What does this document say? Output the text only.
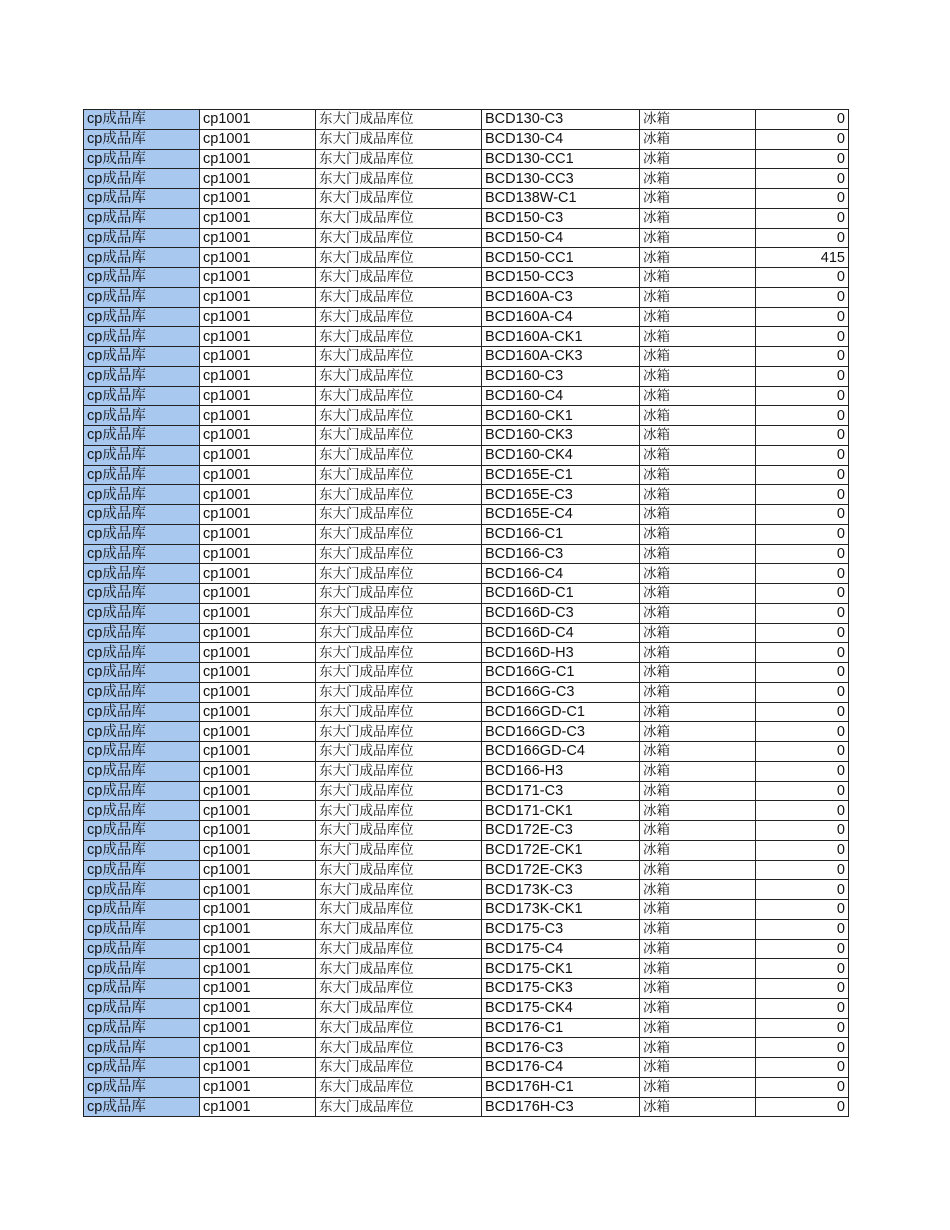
cp成品库	cp1001	东大门成品库位	BCD130-C3	冰箱	0
cp成品库	cp1001	东大门成品库位	BCD130-C4	冰箱	0
cp成品库	cp1001	东大门成品库位	BCD130-CC1	冰箱	0
cp成品库	cp1001	东大门成品库位	BCD130-CC3	冰箱	0
cp成品库	cp1001	东大门成品库位	BCD138W-C1	冰箱	0
cp成品库	cp1001	东大门成品库位	BCD150-C3	冰箱	0
cp成品库	cp1001	东大门成品库位	BCD150-C4	冰箱	0
cp成品库	cp1001	东大门成品库位	BCD150-CC1	冰箱	415
cp成品库	cp1001	东大门成品库位	BCD150-CC3	冰箱	0
cp成品库	cp1001	东大门成品库位	BCD160A-C3	冰箱	0
cp成品库	cp1001	东大门成品库位	BCD160A-C4	冰箱	0
cp成品库	cp1001	东大门成品库位	BCD160A-CK1	冰箱	0
cp成品库	cp1001	东大门成品库位	BCD160A-CK3	冰箱	0
cp成品库	cp1001	东大门成品库位	BCD160-C3	冰箱	0
cp成品库	cp1001	东大门成品库位	BCD160-C4	冰箱	0
cp成品库	cp1001	东大门成品库位	BCD160-CK1	冰箱	0
cp成品库	cp1001	东大门成品库位	BCD160-CK3	冰箱	0
cp成品库	cp1001	东大门成品库位	BCD160-CK4	冰箱	0
cp成品库	cp1001	东大门成品库位	BCD165E-C1	冰箱	0
cp成品库	cp1001	东大门成品库位	BCD165E-C3	冰箱	0
cp成品库	cp1001	东大门成品库位	BCD165E-C4	冰箱	0
cp成品库	cp1001	东大门成品库位	BCD166-C1	冰箱	0
cp成品库	cp1001	东大门成品库位	BCD166-C3	冰箱	0
cp成品库	cp1001	东大门成品库位	BCD166-C4	冰箱	0
cp成品库	cp1001	东大门成品库位	BCD166D-C1	冰箱	0
cp成品库	cp1001	东大门成品库位	BCD166D-C3	冰箱	0
cp成品库	cp1001	东大门成品库位	BCD166D-C4	冰箱	0
cp成品库	cp1001	东大门成品库位	BCD166D-H3	冰箱	0
cp成品库	cp1001	东大门成品库位	BCD166G-C1	冰箱	0
cp成品库	cp1001	东大门成品库位	BCD166G-C3	冰箱	0
cp成品库	cp1001	东大门成品库位	BCD166GD-C1	冰箱	0
cp成品库	cp1001	东大门成品库位	BCD166GD-C3	冰箱	0
cp成品库	cp1001	东大门成品库位	BCD166GD-C4	冰箱	0
cp成品库	cp1001	东大门成品库位	BCD166-H3	冰箱	0
cp成品库	cp1001	东大门成品库位	BCD171-C3	冰箱	0
cp成品库	cp1001	东大门成品库位	BCD171-CK1	冰箱	0
cp成品库	cp1001	东大门成品库位	BCD172E-C3	冰箱	0
cp成品库	cp1001	东大门成品库位	BCD172E-CK1	冰箱	0
cp成品库	cp1001	东大门成品库位	BCD172E-CK3	冰箱	0
cp成品库	cp1001	东大门成品库位	BCD173K-C3	冰箱	0
cp成品库	cp1001	东大门成品库位	BCD173K-CK1	冰箱	0
cp成品库	cp1001	东大门成品库位	BCD175-C3	冰箱	0
cp成品库	cp1001	东大门成品库位	BCD175-C4	冰箱	0
cp成品库	cp1001	东大门成品库位	BCD175-CK1	冰箱	0
cp成品库	cp1001	东大门成品库位	BCD175-CK3	冰箱	0
cp成品库	cp1001	东大门成品库位	BCD175-CK4	冰箱	0
cp成品库	cp1001	东大门成品库位	BCD176-C1	冰箱	0
cp成品库	cp1001	东大门成品库位	BCD176-C3	冰箱	0
cp成品库	cp1001	东大门成品库位	BCD176-C4	冰箱	0
cp成品库	cp1001	东大门成品库位	BCD176H-C1	冰箱	0
cp成品库	cp1001	东大门成品库位	BCD176H-C3	冰箱	0
